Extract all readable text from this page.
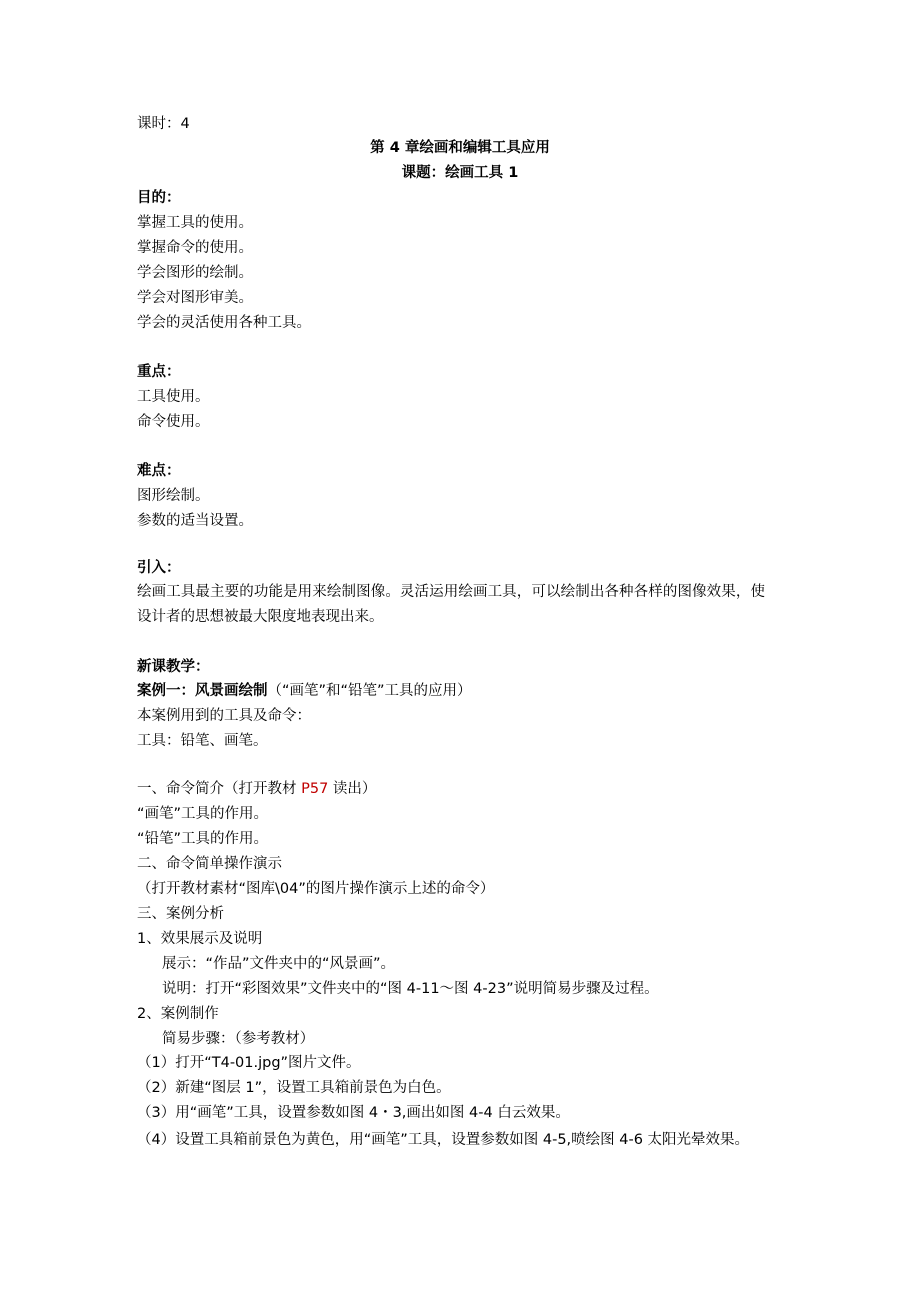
课时：4

第 4 章绘画和编辑工具应用

课题：绘画工具 1

目的：

掌握工具的使用。

掌握命令的使用。

学会图形的绘制。

学会对图形审美。

学会的灵活使用各种工具。

重点：

工具使用。

命令使用。

难点：

图形绘制。

参数的适当设置。

引入：

绘画工具最主要的功能是用来绘制图像。灵活运用绘画工具，可以绘制出各种各样的图像效果，使设计者的思想被最大限度地表现出来。

新课教学：

案例一：风景画绘制（“画笔”和“铅笔”工具的应用）

本案例用到的工具及命令：

工具：铅笔、画笔。

一、命令简介（打开教材 P57 读出）

“画笔”工具的作用。

“铅笔”工具的作用。

二、命令简单操作演示

（打开教材素材“图库\04”的图片操作演示上述的命令）

三、案例分析

1、效果展示及说明

展示：“作品”文件夹中的“风景画”。

说明：打开“彩图效果”文件夹中的“图 4-11～图 4-23”说明简易步骤及过程。

2、案例制作

简易步骤：（参考教材）

（1）打开“T4-01.jpg”图片文件。

（2）新建“图层 1”，设置工具箱前景色为白色。

（3）用“画笔”工具，设置参数如图 4・3,画出如图 4-4 白云效果。

（4）设置工具箱前景色为黄色，用“画笔”工具，设置参数如图 4-5,喷绘图 4-6 太阳光晕效果。
